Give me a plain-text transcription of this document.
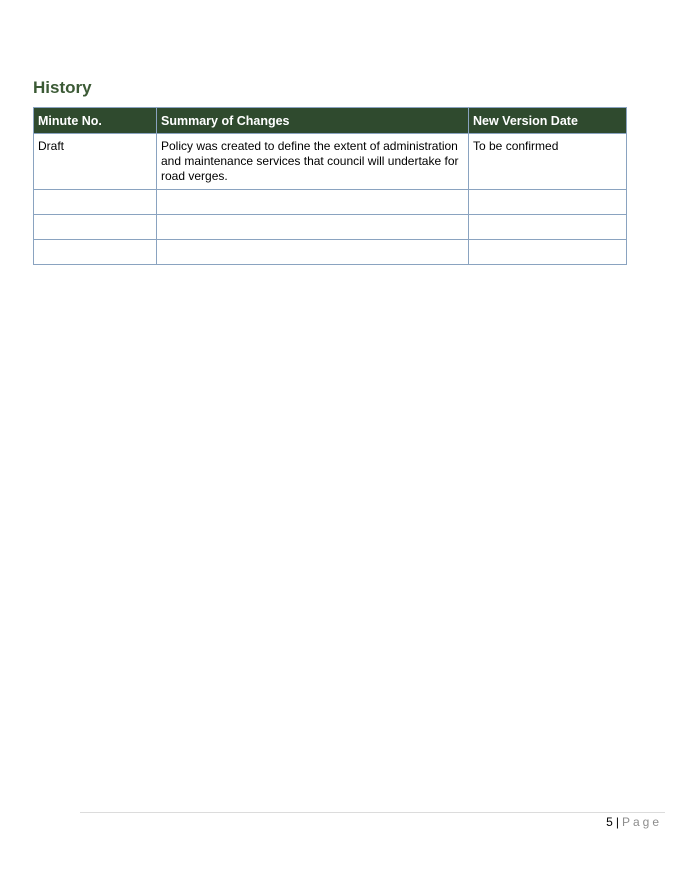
History
Minute No.	Summary of Changes	New Version Date
Draft	Policy was created to define the extent of administration and maintenance services that council will undertake for road verges.	To be confirmed

5 | Page
